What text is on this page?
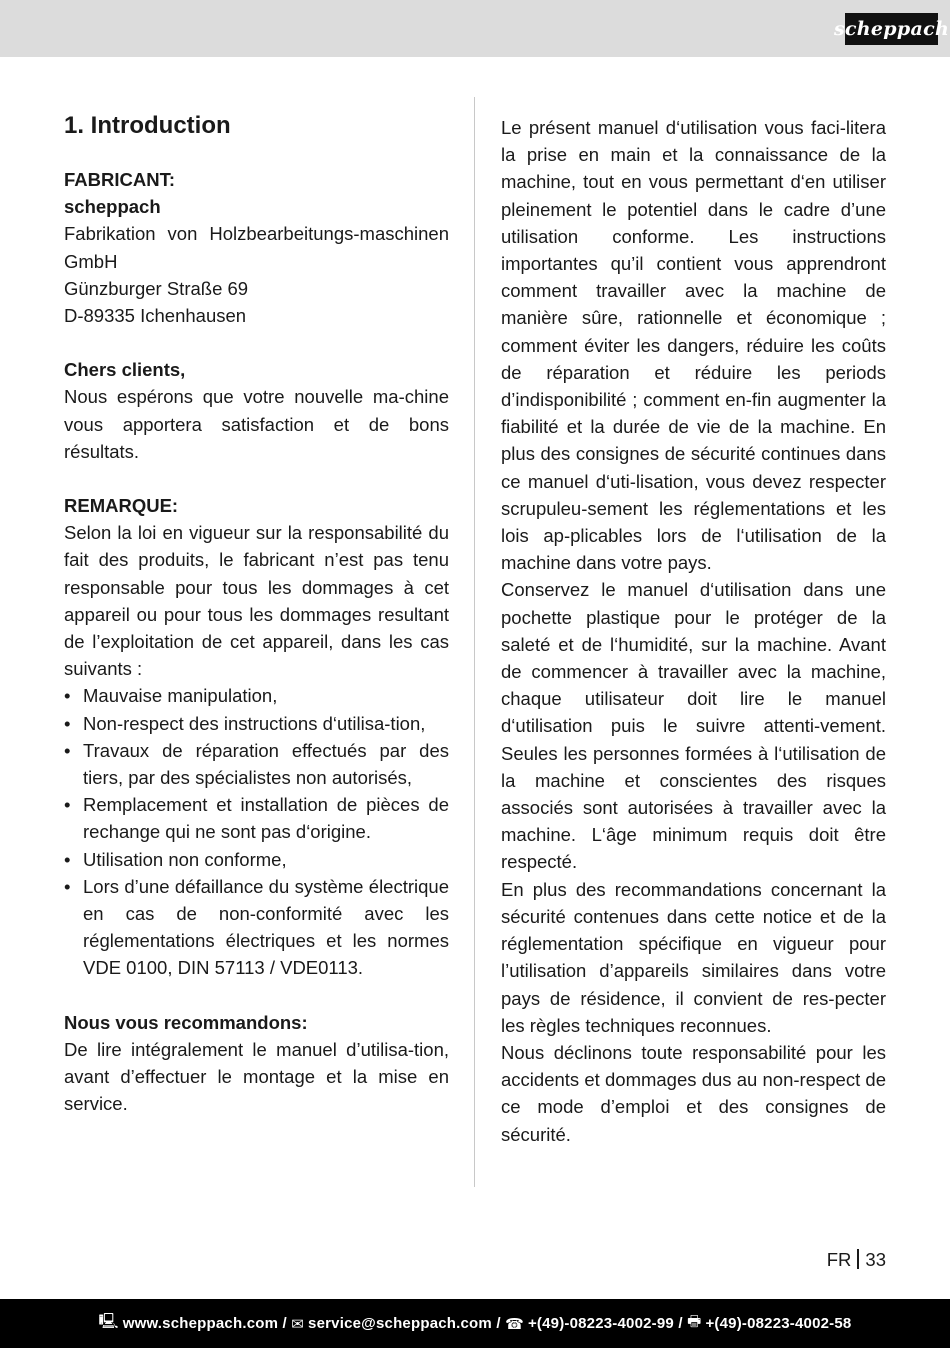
scheppach
1. Introduction

FABRICANT:

scheppach

Fabrikation von Holzbearbeitungs-maschinen GmbH

Günzburger Straße 69

D-89335 Ichenhausen

Chers clients,

Nous espérons que votre nouvelle ma-chine vous apportera satisfaction et de bons résultats.

REMARQUE:

Selon la loi en vigueur sur la responsabilité du fait des produits, le fabricant n’est pas tenu responsable pour tous les dommages à cet appareil ou pour tous les dommages resultant de l’exploitation de cet appareil, dans les cas suivants :

• Mauvaise manipulation,
• Non-respect des instructions d‘utilisa-tion,
• Travaux de réparation effectués par des tiers, par des spécialistes non autorisés,
• Remplacement et installation de pièces de rechange qui ne sont pas d‘origine.
• Utilisation non conforme,
• Lors d’une défaillance du système électrique en cas de non-conformité avec les réglementations électriques et les normes VDE 0100, DIN 57113 / VDE0113.

Nous vous recommandons:

De lire intégralement le manuel d’utilisa-tion, avant d’effectuer le montage et la mise en service.

Le présent manuel d‘utilisation vous faci-litera la prise en main et la connaissance de la machine, tout en vous permettant d‘en utiliser pleinement le potentiel dans le cadre d’une utilisation conforme. Les instructions importantes qu’il contient vous apprendront comment travailler avec la machine de manière sûre, rationnelle et économique ; comment éviter les dangers, réduire les coûts de réparation et réduire les periods d’indisponibilité ; comment en-fin augmenter la fiabilité et la durée de vie de la machine. En plus des consignes de sécurité continues dans ce manuel d‘uti-lisation, vous devez respecter scrupuleu-sement les réglementations et les lois ap-plicables lors de l‘utilisation de la machine dans votre pays.

Conservez le manuel d‘utilisation dans une pochette plastique pour le protéger de la saleté et de l‘humidité, sur la machine. Avant de commencer à travailler avec la machine, chaque utilisateur doit lire le manuel d‘utilisation puis le suivre attenti-vement. Seules les personnes formées à l‘utilisation de la machine et conscientes des risques associés sont autorisées à travailler avec la machine. L‘âge minimum requis doit être respecté.

En plus des recommandations concernant la sécurité contenues dans cette notice et de la réglementation spécifique en vigueur pour l’utilisation d’appareils similaires dans votre pays de résidence, il convient de res-pecter les règles techniques reconnues.

Nous déclinons toute responsabilité pour les accidents et dommages dus au non-respect de ce mode d’emploi et des consignes de sécurité.

FR 33
🖳 www.scheppach.com /
✉ service@scheppach.com /
☎ +(49)-08223-4002-99 /
🖶 +(49)-08223-4002-58
